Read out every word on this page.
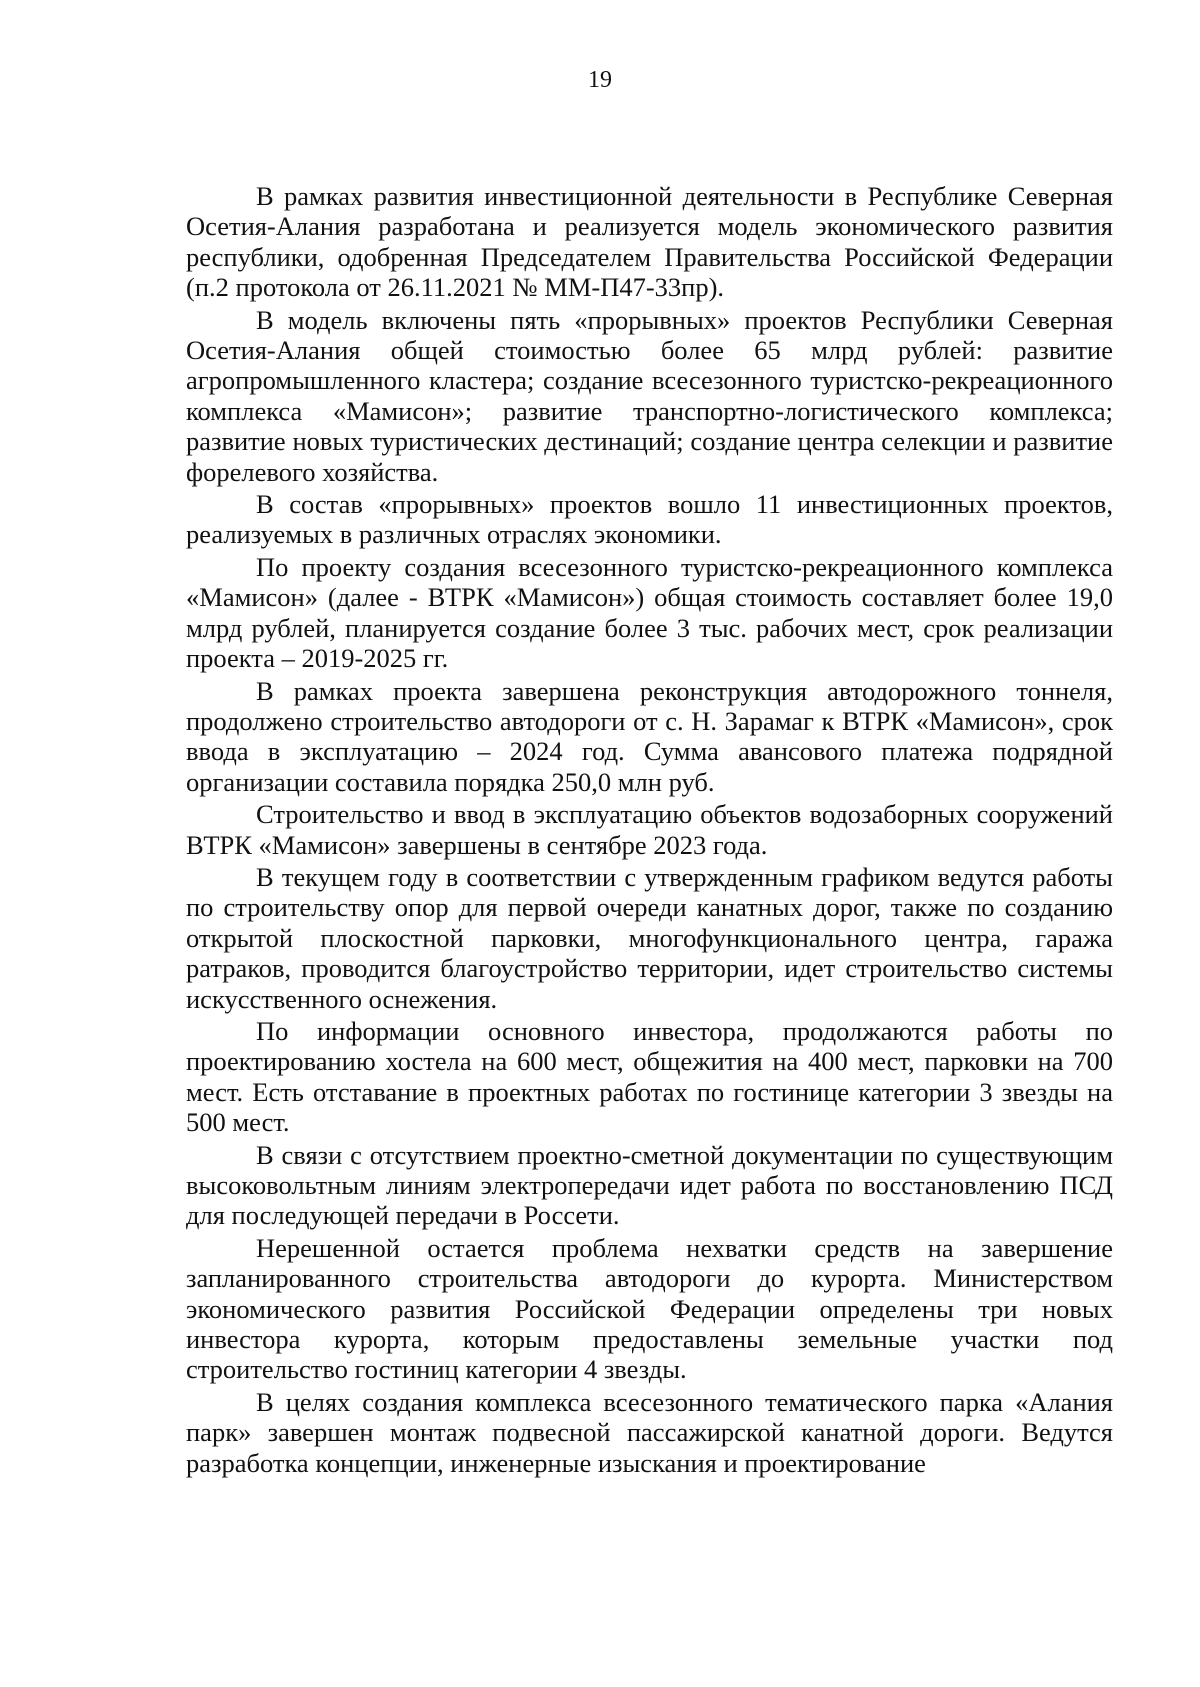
19

В рамках развития инвестиционной деятельности в Республике Северная Осетия-Алания разработана и реализуется модель экономического развития республики, одобренная Председателем Правительства Российской Федерации (п.2 протокола от 26.11.2021 № ММ-П47-33пр).

В модель включены пять «прорывных» проектов Республики Северная Осетия-Алания общей стоимостью более 65 млрд рублей: развитие агропромышленного кластера; создание всесезонного туристско-рекреационного комплекса «Мамисон»; развитие транспортно-логистического комплекса; развитие новых туристических дестинаций; создание центра селекции и развитие форелевого хозяйства.

В состав «прорывных» проектов вошло 11 инвестиционных проектов, реализуемых в различных отраслях экономики.

По проекту создания всесезонного туристско-рекреационного комплекса «Мамисон» (далее - ВТРК «Мамисон») общая стоимость составляет более 19,0 млрд рублей, планируется создание более 3 тыс. рабочих мест, срок реализации проекта – 2019-2025 гг.

В рамках проекта завершена реконструкция автодорожного тоннеля, продолжено строительство автодороги от с. Н. Зарамаг к ВТРК «Мамисон», срок ввода в эксплуатацию – 2024 год. Сумма авансового платежа подрядной организации составила порядка 250,0 млн руб.

Строительство и ввод в эксплуатацию объектов водозаборных сооружений ВТРК «Мамисон» завершены в сентябре 2023 года.

В текущем году в соответствии с утвержденным графиком ведутся работы по строительству опор для первой очереди канатных дорог, также по созданию открытой плоскостной парковки, многофункционального центра, гаража ратраков, проводится благоустройство территории, идет строительство системы искусственного оснежения.

По информации основного инвестора, продолжаются работы по проектированию хостела на 600 мест, общежития на 400 мест, парковки на 700 мест. Есть отставание в проектных работах по гостинице категории 3 звезды на 500 мест.

В связи с отсутствием проектно-сметной документации по существующим высоковольтным линиям электропередачи идет работа по восстановлению ПСД для последующей передачи в Россети.

Нерешенной остается проблема нехватки средств на завершение запланированного строительства автодороги до курорта. Министерством экономического развития Российской Федерации определены три новых инвестора курорта, которым предоставлены земельные участки под строительство гостиниц категории 4 звезды.

В целях создания комплекса всесезонного тематического парка «Алания парк» завершен монтаж подвесной пассажирской канатной дороги. Ведутся разработка концепции, инженерные изыскания и проектирование
